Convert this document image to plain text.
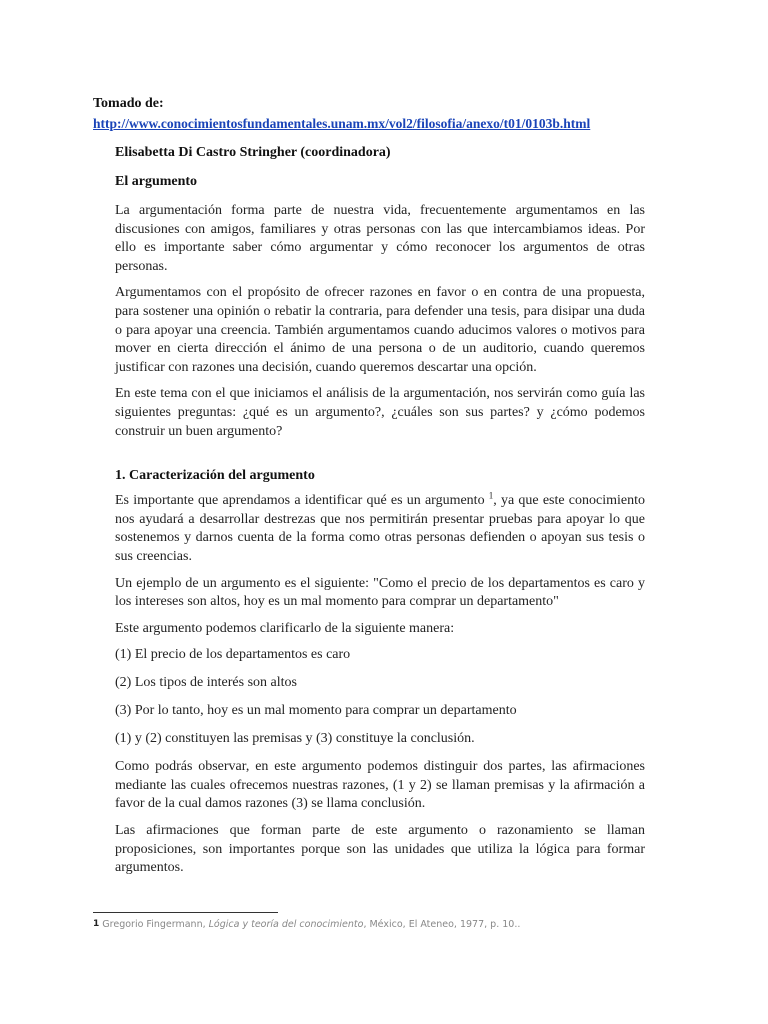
Tomado de:
http://www.conocimientosfundamentales.unam.mx/vol2/filosofia/anexo/t01/0103b.html
Elisabetta Di Castro Stringher (coordinadora)
El argumento

La argumentación forma parte de nuestra vida, frecuentemente argumentamos en las discusiones con amigos, familiares y otras personas con las que intercambiamos ideas. Por ello es importante saber cómo argumentar y cómo reconocer los argumentos de otras personas.

Argumentamos con el propósito de ofrecer razones en favor o en contra de una propuesta, para sostener una opinión o rebatir la contraria, para defender una tesis, para disipar una duda o para apoyar una creencia. También argumentamos cuando aducimos valores o motivos para mover en cierta dirección el ánimo de una persona o de un auditorio, cuando queremos justificar con razones una decisión, cuando queremos descartar una opción.

En este tema con el que iniciamos el análisis de la argumentación, nos servirán como guía las siguientes preguntas: ¿qué es un argumento?, ¿cuáles son sus partes? y ¿cómo podemos construir un buen argumento?

1. Caracterización del argumento

Es importante que aprendamos a identificar qué es un argumento $^1$, ya que este conocimiento nos ayudará a desarrollar destrezas que nos permitirán presentar pruebas para apoyar lo que sostenemos y darnos cuenta de la forma como otras personas defienden o apoyan sus tesis o sus creencias.

Un ejemplo de un argumento es el siguiente: "Como el precio de los departamentos es caro y los intereses son altos, hoy es un mal momento para comprar un departamento"

Este argumento podemos clarificarlo de la siguiente manera:

(1) El precio de los departamentos es caro
(2) Los tipos de interés son altos
(3) Por lo tanto, hoy es un mal momento para comprar un departamento
(1) y (2) constituyen las premisas y (3) constituye la conclusión.

Como podrás observar, en este argumento podemos distinguir dos partes, las afirmaciones mediante las cuales ofrecemos nuestras razones, (1 y 2) se llaman premisas y la afirmación a favor de la cual damos razones (3) se llama conclusión.

Las afirmaciones que forman parte de este argumento o razonamiento se llaman proposiciones, son importantes porque son las unidades que utiliza la lógica para formar argumentos.

1 Gregorio Fingermann, Lógica y teoría del conocimiento, México, El Ateneo, 1977, p. 10..
